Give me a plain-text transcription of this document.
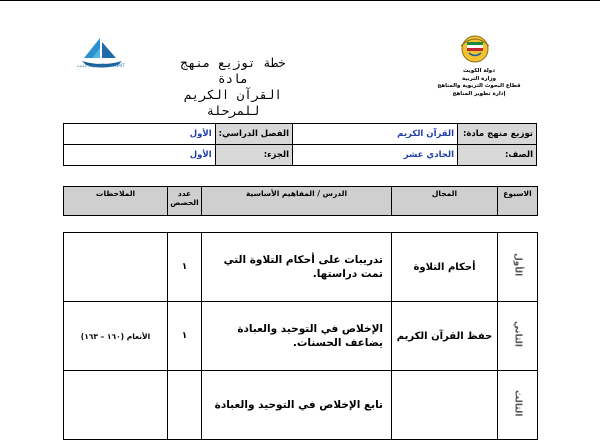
كويت جديدة NEW KUWAIT	خطة توزيع منهج مادة
القرآن الكريم للمرحلة
دولة الكويت
وزارة التربية
قطاع البحوث التربوية والمناهج
إدارة تطوير المناهج
توزيع منهج مادة:	القرآن الكريم	الفصل الدراسي:	الأول
الصف:	الحادي عشر	الجزء:	الأول
الاسبوع	المجال	الدرس / المفاهيم الأساسية	عدد الحصص	الملاحظات

الأول	أحكام التلاوة	تدريبات على أحكام التلاوة التي تمت دراستها.	١	
الثاني	حفظ القرآن الكريم	الإخلاص في التوحيد والعبادة يضاعف الحسنات.	١	الأنعام (١٦٠ – ١٦٣)
الثالث		تابع الإخلاص في التوحيد والعبادة		
